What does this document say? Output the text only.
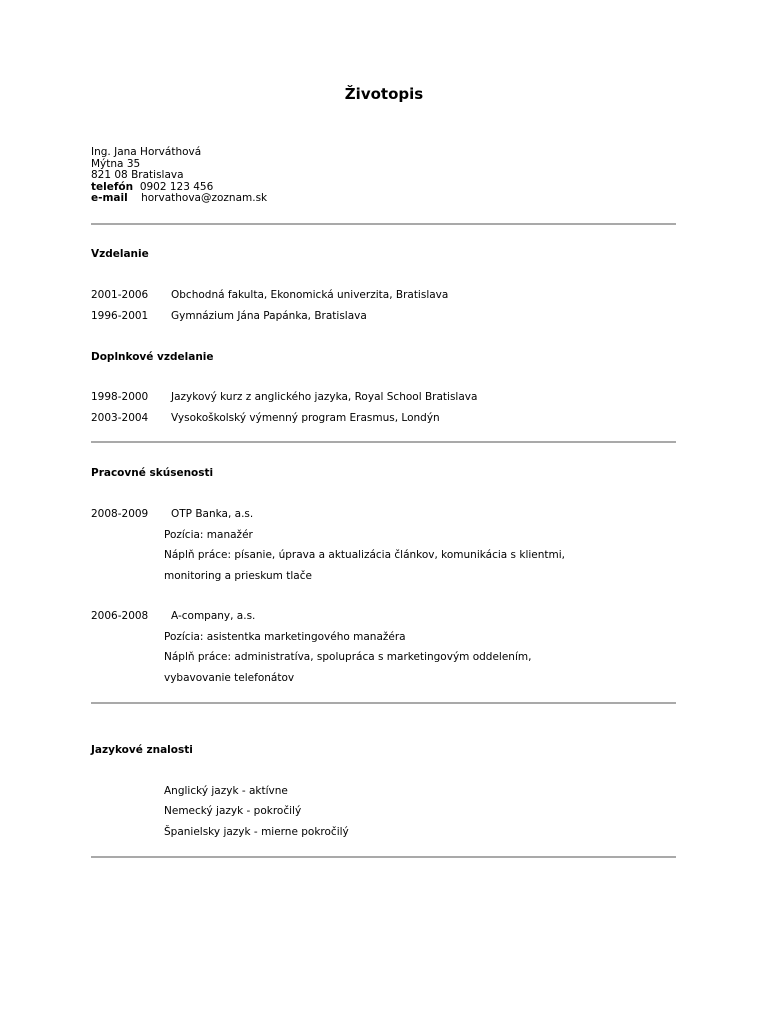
Životopis
Ing. Jana Horváthová
Mýtna 35
821 08 Bratislava
telefón 0902 123 456
e-mail horvathova@zoznam.sk
Vzdelanie
2001-2006 Obchodná fakulta, Ekonomická univerzita, Bratislava
1996-2001 Gymnázium Jána Papánka, Bratislava
Doplnkové vzdelanie
1998-2000 Jazykový kurz z anglického jazyka, Royal School Bratislava
2003-2004 Vysokoškolský výmenný program Erasmus, Londýn
Pracovné skúsenosti
2008-2009 OTP Banka, a.s.
Pozícia: manažér
Náplň práce: písanie, úprava a aktualizácia článkov, komunikácia s klientmi,
monitoring a prieskum tlače
2006-2008 A-company, a.s.
Pozícia: asistentka marketingového manažéra
Náplň práce: administratíva, spolupráca s marketingovým oddelením,
vybavovanie telefonátov
Jazykové znalosti
Anglický jazyk - aktívne
Nemecký jazyk - pokročilý
Španielsky jazyk - mierne pokročilý
